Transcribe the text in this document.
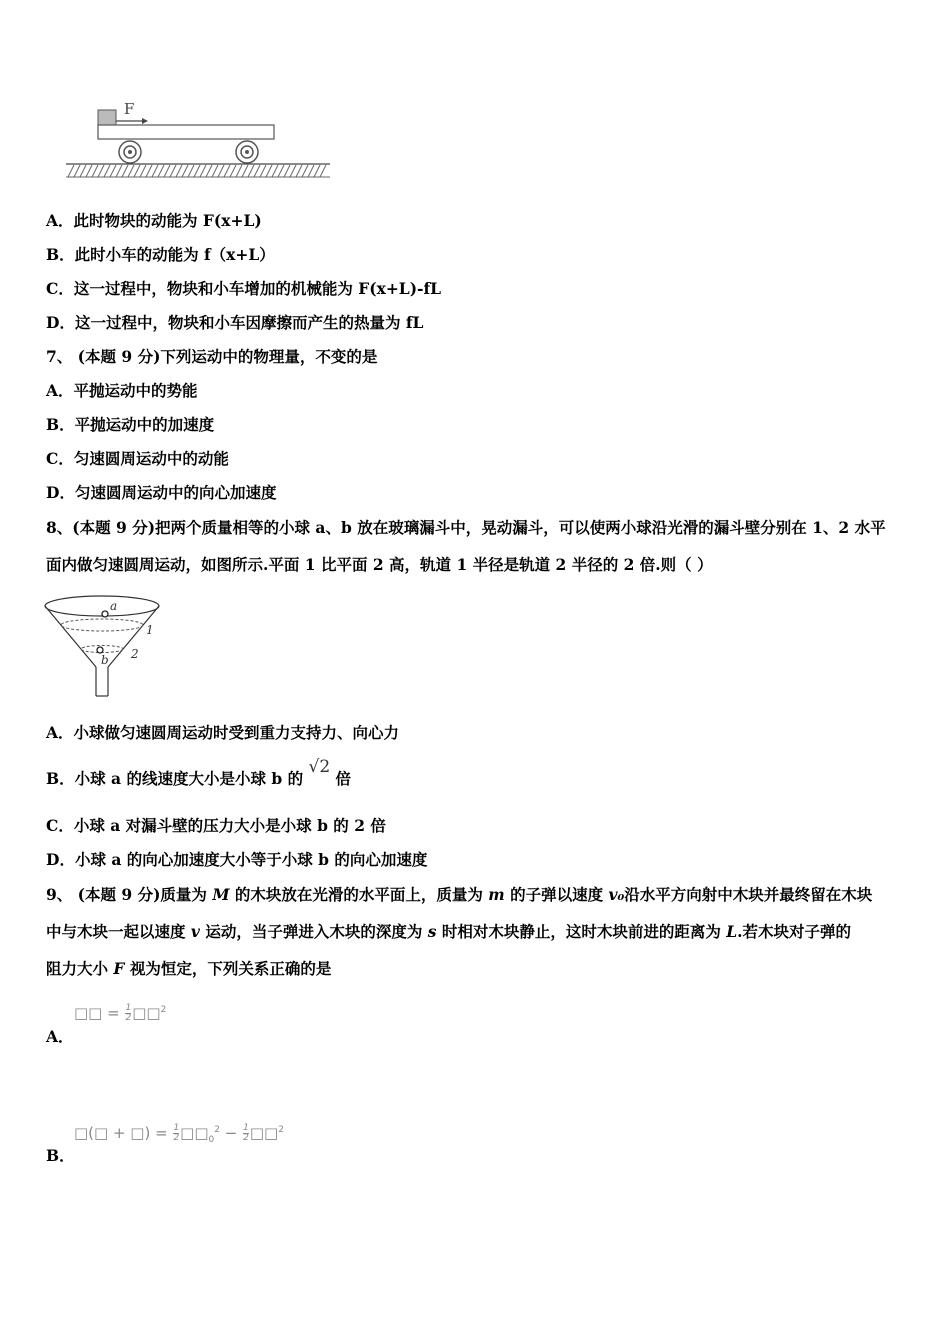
F
A．此时物块的动能为 F(x+L)
B．此时小车的动能为 f（x+L）
C．这一过程中，物块和小车增加的机械能为 F(x+L)-fL
D．这一过程中，物块和小车因摩擦而产生的热量为 fL
7、 (本题 9 分)下列运动中的物理量，不变的是
A．平抛运动中的势能
B．平抛运动中的加速度
C．匀速圆周运动中的动能
D．匀速圆周运动中的向心加速度
8、(本题 9 分)把两个质量相等的小球 a、b 放在玻璃漏斗中，晃动漏斗，可以使两小球沿光滑的漏斗壁分别在 1、2 水平
面内做匀速圆周运动，如图所示.平面 1 比平面 2 高，轨道 1 半径是轨道 2 半径的 2 倍.则（ ）
a
b
1
2
A．小球做匀速圆周运动时受到重力支持力、向心力
B．小球 a 的线速度大小是小球 b 的 √2 倍
C．小球 a 对漏斗壁的压力大小是小球 b 的 2 倍
D．小球 a 的向心加速度大小等于小球 b 的向心加速度
9、 (本题 9 分)质量为 M 的木块放在光滑的水平面上，质量为 m 的子弹以速度 v₀沿水平方向射中木块并最终留在木块
中与木块一起以速度 v 运动，当子弹进入木块的深度为 s 时相对木块静止，这时木块前进的距离为 L.若木块对子弹的
阻力大小 F 视为恒定，下列关系正确的是
□□ = $\frac{1}{2}$ □□$^2$
A．
□(□ + □) = $\frac{1}{2}$ $□□_0^2 - \frac{1}{2}$ □□$^2$
B．
